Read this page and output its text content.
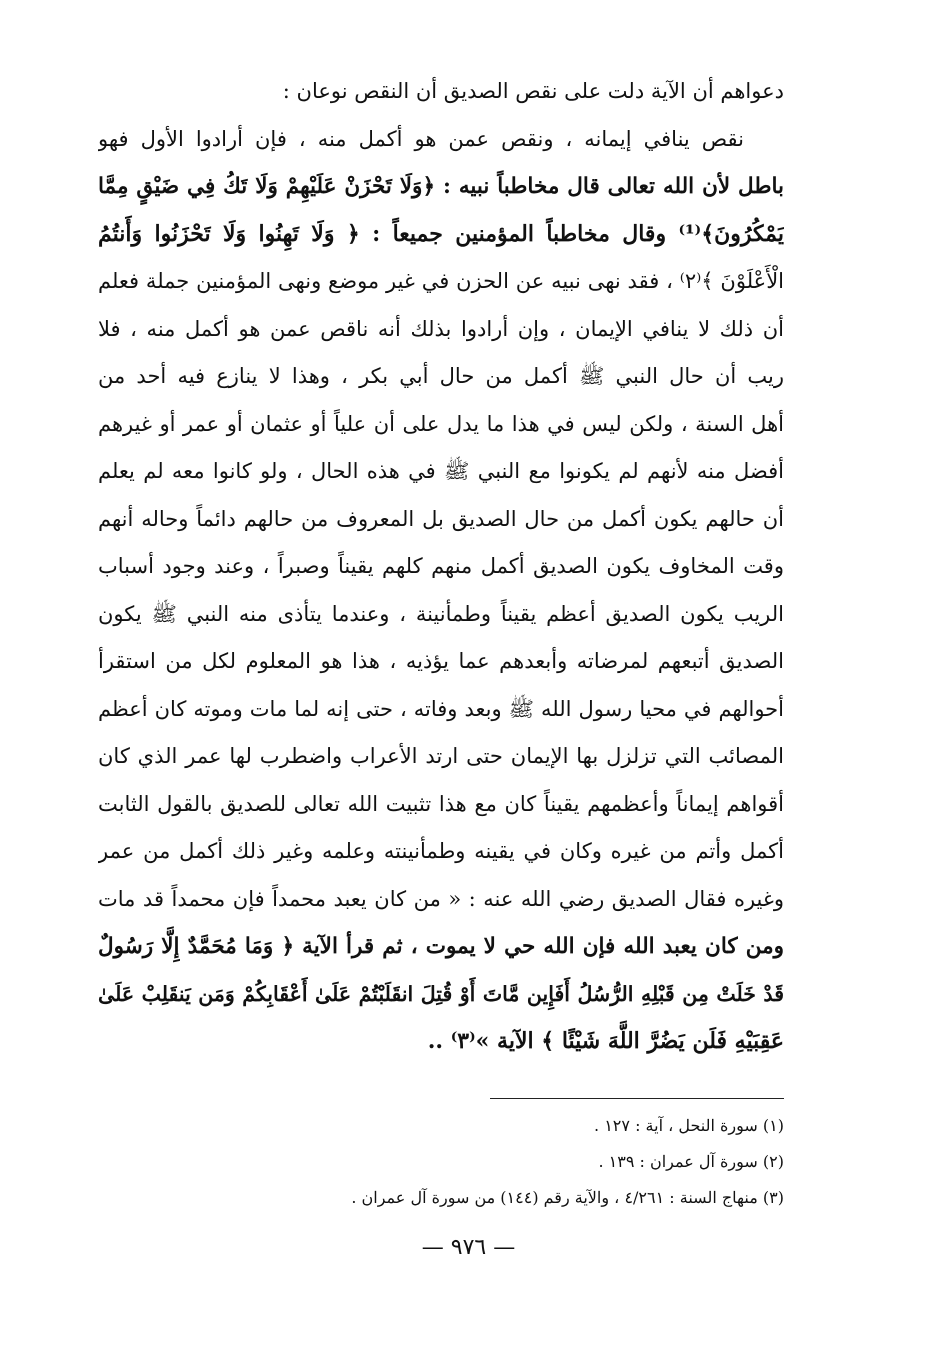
دعواهم أن الآية دلت على نقص الصديق أن النقص نوعان :
نقص ينافي إيمانه ، ونقص عمن هو أكمل منه ، فإن أرادوا الأول فهو
باطل لأن الله تعالى قال مخاطباً نبيه : ﴿وَلَا تَحْزَنْ عَلَيْهِمْ وَلَا تَكُ فِي ضَيْقٍ مِمَّا
يَمْكُرُونَ﴾⁽¹⁾ وقال مخاطباً المؤمنين جميعاً : ﴿ وَلَا تَهِنُوا وَلَا تَحْزَنُوا وَأَنتُمُ
الْأَعْلَوْنَ ﴾⁽٢⁾ ، فقد نهى نبيه عن الحزن في غير موضع ونهى المؤمنين جملة فعلم
أن ذلك لا ينافي الإيمان ، وإن أرادوا بذلك أنه ناقص عمن هو أكمل منه ، فلا
ريب أن حال النبي ﷺ أكمل من حال أبي بكر ، وهذا لا ينازع فيه أحد من
أهل السنة ، ولكن ليس في هذا ما يدل على أن علياً أو عثمان أو عمر أو غيرهم
أفضل منه لأنهم لم يكونوا مع النبي ﷺ في هذه الحال ، ولو كانوا معه لم يعلم
أن حالهم يكون أكمل من حال الصديق بل المعروف من حالهم دائماً وحاله أنهم
وقت المخاوف يكون الصديق أكمل منهم كلهم يقيناً وصبراً ، وعند وجود أسباب
الريب يكون الصديق أعظم يقيناً وطمأنينة ، وعندما يتأذى منه النبي ﷺ يكون
الصديق أتبعهم لمرضاته وأبعدهم عما يؤذيه ، هذا هو المعلوم لكل من استقرأ
أحوالهم في محيا رسول الله ﷺ وبعد وفاته ، حتى إنه لما مات وموته كان أعظم
المصائب التي تزلزل بها الإيمان حتى ارتد الأعراب واضطرب لها عمر الذي كان
أقواهم إيماناً وأعظمهم يقيناً كان مع هذا تثبيت الله تعالى للصديق بالقول الثابت
أكمل وأتم من غيره وكان في يقينه وطمأنينته وعلمه وغير ذلك أكمل من عمر
وغيره فقال الصديق رضي الله عنه : « من كان يعبد محمداً فإن محمداً قد مات
ومن كان يعبد الله فإن الله حي لا يموت ، ثم قرأ الآية ﴿ وَمَا مُحَمَّدٌ إِلَّا رَسُولٌ
قَدْ خَلَتْ مِن قَبْلِهِ الرُّسُلُ أَفَإِين مَّاتَ أَوْ قُتِلَ انقَلَبْتُمْ عَلَىٰ أَعْقَابِكُمْ وَمَن يَنقَلِبْ عَلَىٰ
عَقِبَيْهِ فَلَن يَضُرَّ اللَّهَ شَيْئًا ﴾ الآية »⁽٣⁾ ..
(١) سورة النحل ، آية : ١٢٧ .
(٢) سورة آل عمران : ١٣٩ .
(٣) منهاج السنة : ٤/٢٦١ ، والآية رقم (١٤٤) من سورة آل عمران .
— ٩٧٦ —
